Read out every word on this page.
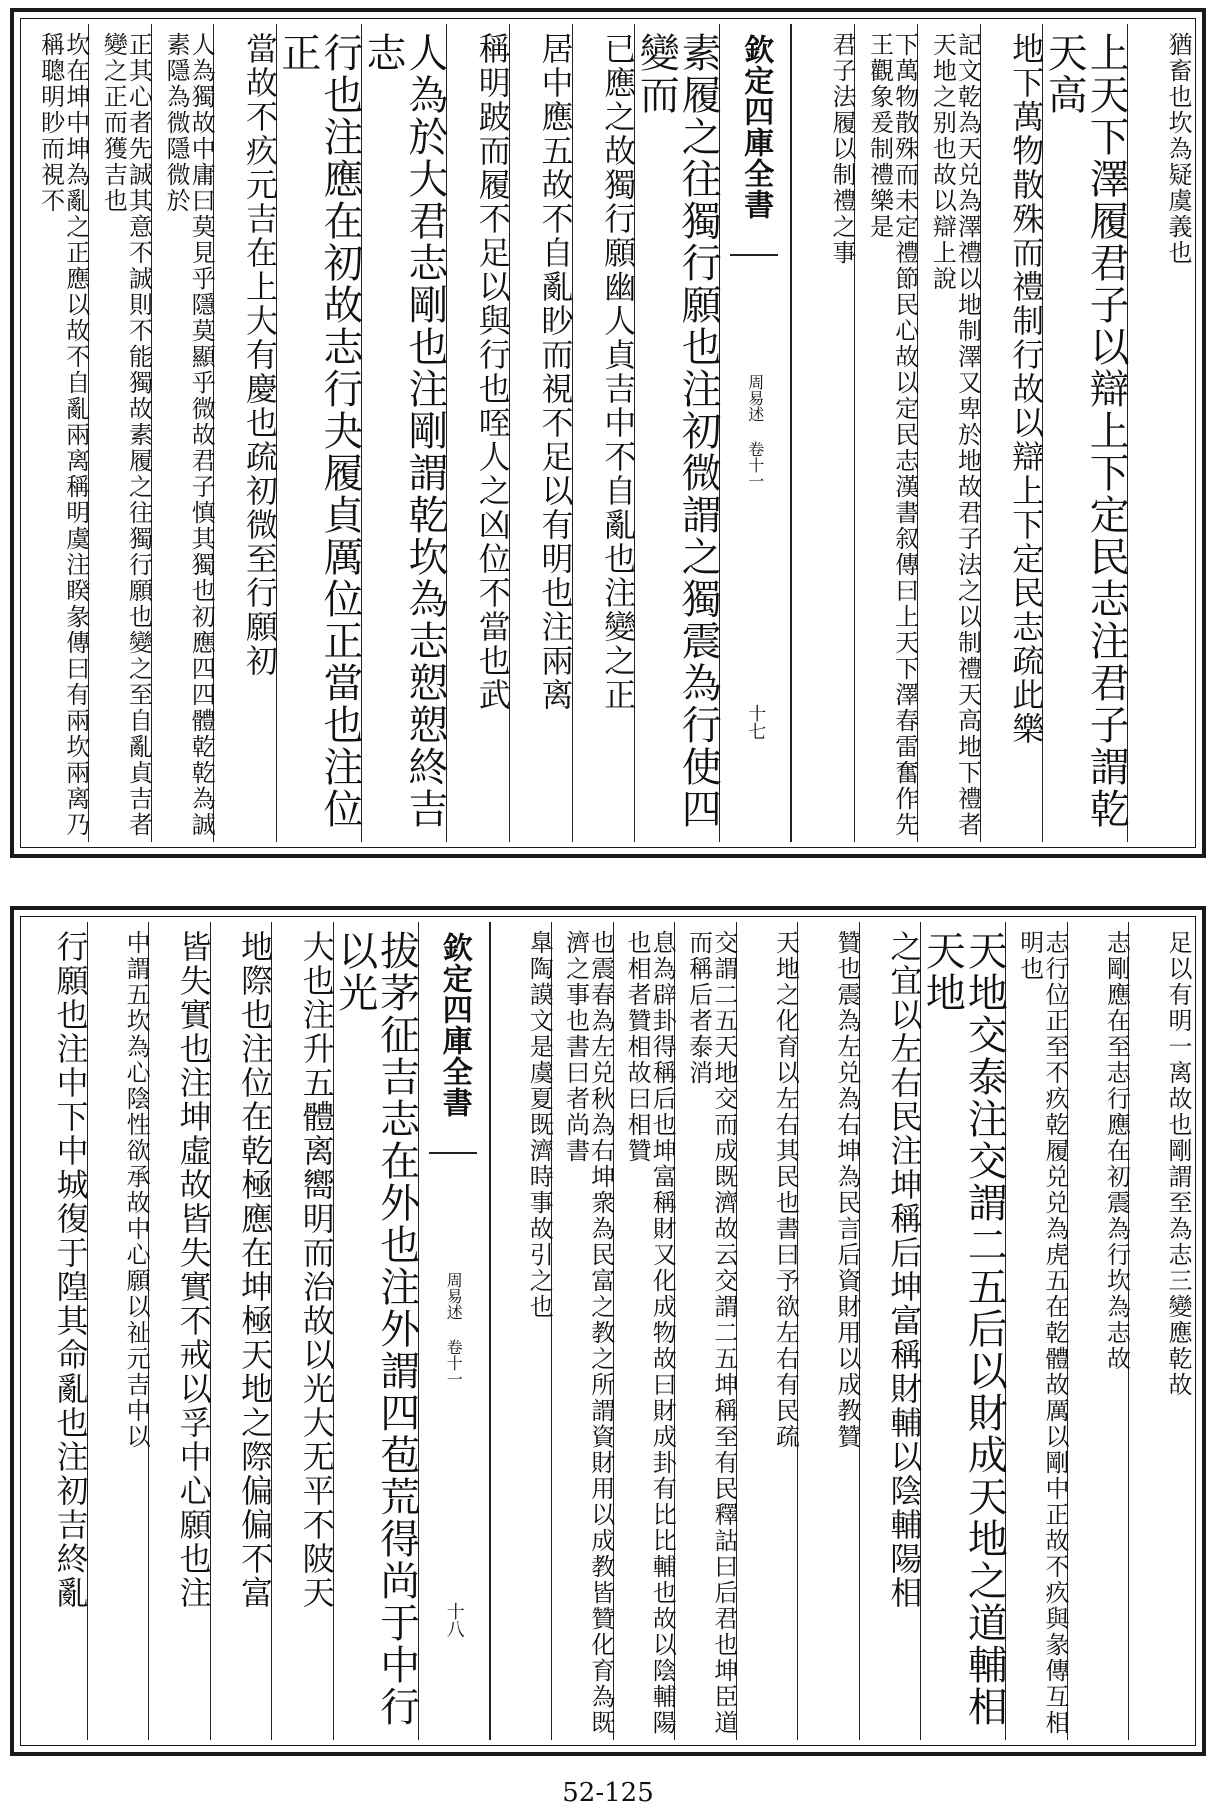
猶畜也坎為疑虞義也
上天下澤履君子以辯上下定民志注君子謂乾天高
地下萬物散殊而禮制行故以辯上下定民志疏此樂
記文乾為天兑為澤禮以地制澤又卑於地故君子法之以制禮天高地下禮者天地之别也故以辯上說
下萬物散殊而未定禮節民心故以定民志漢書叙傳曰上天下澤春雷奮作先王觀象爰制禮樂是
君子法履以制禮之事
欽定四庫全書
周易述 卷十一
十七
素履之往獨行願也注初微謂之獨震為行使四變而
已應之故獨行願幽人貞吉中不自亂也注變之正
居中應五故不自亂眇而視不足以有明也注兩离
稱明跛而履不足以與行也咥人之凶位不當也武
人為於大君志剛也注剛謂乾坎為志愬愬終吉志
行也注應在初故志行夬履貞厲位正當也注位正
當故不疚元吉在上大有慶也疏初微至行願初
人為獨故中庸曰莫見乎隱莫顯乎微故君子慎其獨也初應四四體乾乾為誠素隱為微隱微於
正其心者先誠其意不誠則不能獨故素履之往獨行願也變之至自亂貞吉者變之正而獲吉也
坎在坤中坤為亂之正應以故不自亂兩离稱明虞注睽彖傳曰有兩坎兩离乃稱聰明眇而視不
足以有明一离故也剛謂至為志三變應乾故
志剛應在至志行應在初震為行坎為志故
志行位正至不疚乾履兑兑為虎五在乾體故厲以剛中正故不疚與彖傳互相明也
天地交泰注交謂二五后以財成天地之道輔相天地
之宜以左右民注坤稱后坤富稱財輔以陰輔陽相
贊也震為左兑為右坤為民言后資財用以成教贊
天地之化育以左右其民也書曰予欲左右有民疏
交謂二五天地交而成既濟故云交謂二五坤稱至有民釋詁曰后君也坤臣道而稱后者泰消
息為辟卦得稱后也坤富稱財又化成物故曰財成卦有比比輔也故以陰輔陽也相者贊相故曰相贊
也震春為左兑秋為右坤衆為民富之教之所謂資財用以成教皆贊化育為既濟之事也書曰者尚書
臯陶謨文是虞夏既濟時事故引之也
欽定四庫全書
周易述 卷十一
十八
拔茅征吉志在外也注外謂四苞荒得尚于中行以光
大也注升五體离嚮明而治故以光大无平不陂天
地際也注位在乾極應在坤極天地之際偏偏不富
皆失實也注坤虛故皆失實不戒以孚中心願也注
中謂五坎為心陰性欲承故中心願以祉元吉中以
行願也注中下中城復于隍其命亂也注初吉終亂
52-125
